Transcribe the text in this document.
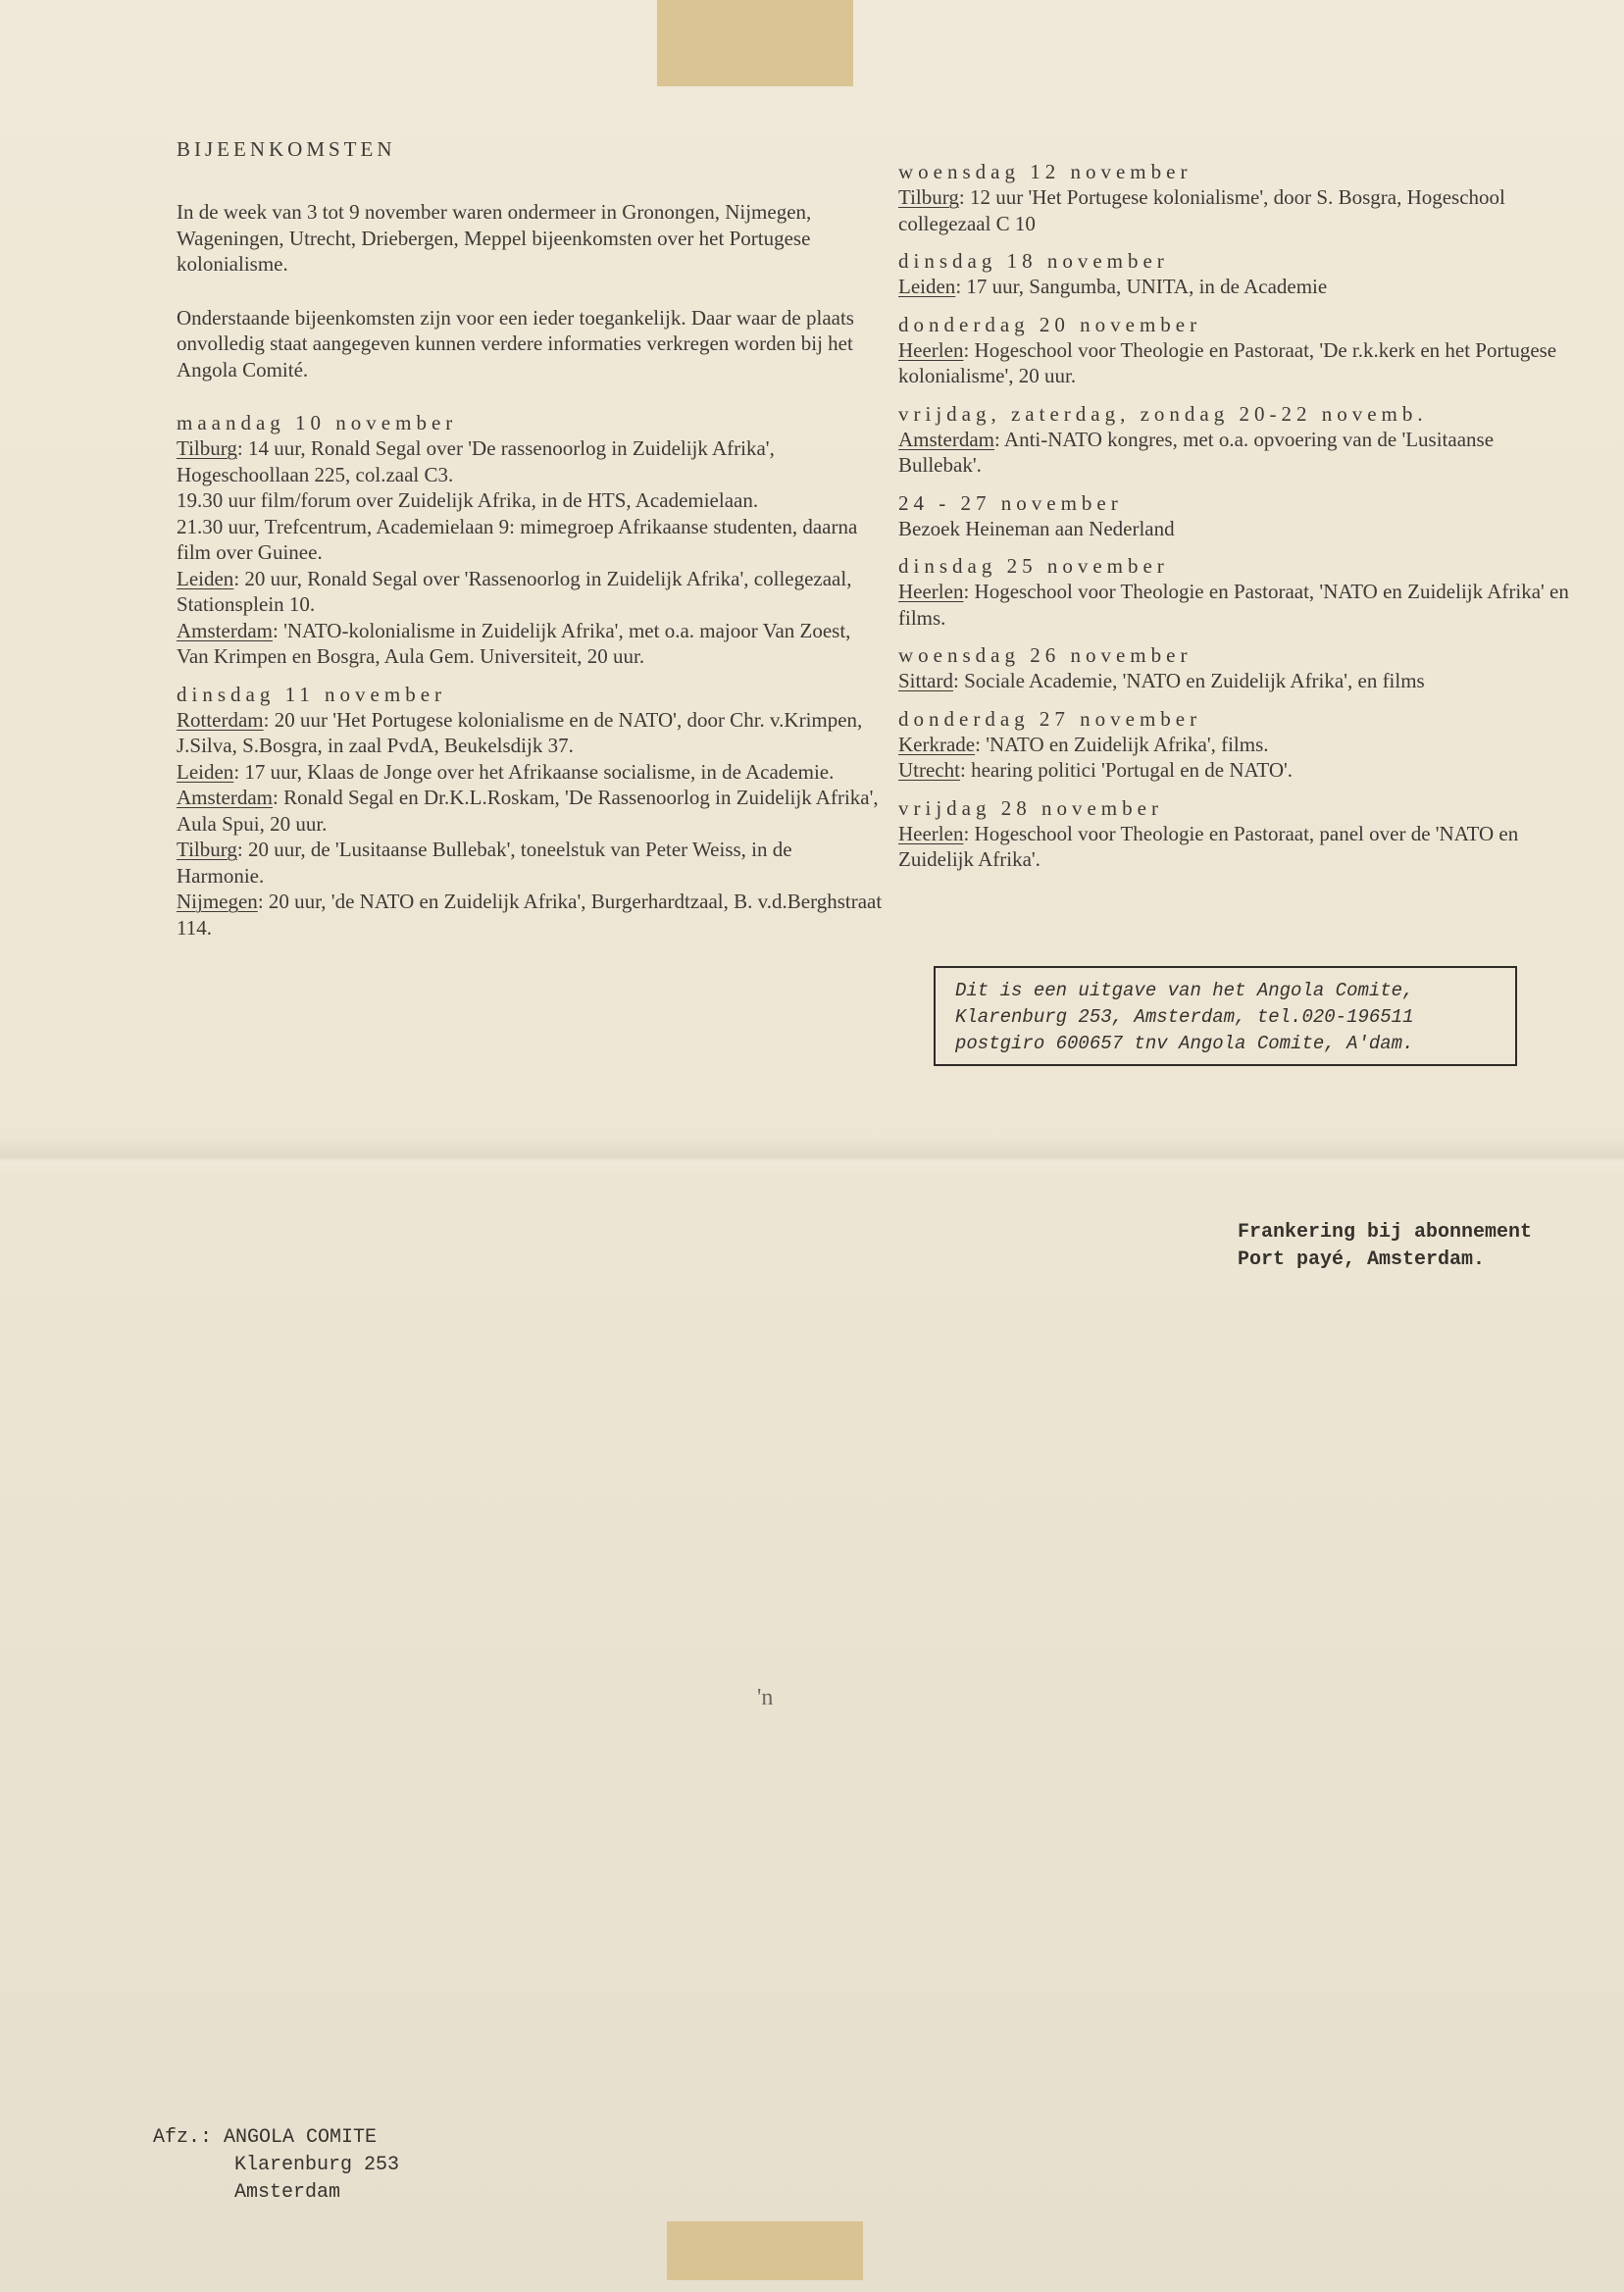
BIJEENKOMSTEN

In de week van 3 tot 9 november waren ondermeer in Gronongen, Nijmegen, Wageningen, Utrecht, Driebergen, Meppel bijeenkomsten over het Portugese kolonialisme.

Onderstaande bijeenkomsten zijn voor een ieder toegankelijk. Daar waar de plaats onvolledig staat aangegeven kunnen verdere informaties verkregen worden bij het Angola Comité.

maandag 10 november

Tilburg: 14 uur, Ronald Segal over 'De rassenoorlog in Zuidelijk Afrika', Hogeschoollaan 225, col.zaal C3.

19.30 uur film/forum over Zuidelijk Afrika, in de HTS, Academielaan.

21.30 uur, Trefcentrum, Academielaan 9: mimegroep Afrikaanse studenten, daarna film over Guinee.

Leiden: 20 uur, Ronald Segal over 'Rassenoorlog in Zuidelijk Afrika', collegezaal, Stationsplein 10.

Amsterdam: 'NATO-kolonialisme in Zuidelijk Afrika', met o.a. majoor Van Zoest, Van Krimpen en Bosgra, Aula Gem. Universiteit, 20 uur.

dinsdag 11 november

Rotterdam: 20 uur 'Het Portugese kolonialisme en de NATO', door Chr. v.Krimpen, J.Silva, S.Bosgra, in zaal PvdA, Beukelsdijk 37.

Leiden: 17 uur, Klaas de Jonge over het Afrikaanse socialisme, in de Academie.

Amsterdam: Ronald Segal en Dr.K.L.Roskam, 'De Rassenoorlog in Zuidelijk Afrika', Aula Spui, 20 uur.

Tilburg: 20 uur, de 'Lusitaanse Bullebak', toneelstuk van Peter Weiss, in de Harmonie.

Nijmegen: 20 uur, 'de NATO en Zuidelijk Afrika', Burgerhardtzaal, B. v.d.Berghstraat 114.

woensdag 12 november

Tilburg: 12 uur 'Het Portugese kolonialisme', door S. Bosgra, Hogeschool collegezaal C 10

dinsdag 18 november

Leiden: 17 uur, Sangumba, UNITA, in de Academie

donderdag 20 november

Heerlen: Hogeschool voor Theologie en Pastoraat, 'De r.k.kerk en het Portugese kolonialisme', 20 uur.

vrijdag, zaterdag, zondag 20-22 novemb.

Amsterdam: Anti-NATO kongres, met o.a. opvoering van de 'Lusitaanse Bullebak'.

24 - 27 november

Bezoek Heineman aan Nederland

dinsdag 25 november

Heerlen: Hogeschool voor Theologie en Pastoraat, 'NATO en Zuidelijk Afrika' en films.

woensdag 26 november

Sittard: Sociale Academie, 'NATO en Zuidelijk Afrika', en films

donderdag 27 november

Kerkrade: 'NATO en Zuidelijk Afrika', films.

Utrecht: hearing politici 'Portugal en de NATO'.

vrijdag 28 november

Heerlen: Hogeschool voor Theologie en Pastoraat, panel over de 'NATO en Zuidelijk Afrika'.

Dit is een uitgave van het Angola Comite,
Klarenburg 253, Amsterdam, tel.020-196511
postgiro 600657 tnv Angola Comite, A'dam.
Frankering bij abonnement
Port payé, Amsterdam.
'n
Afz.: ANGOLA COMITE
Klarenburg 253
Amsterdam
